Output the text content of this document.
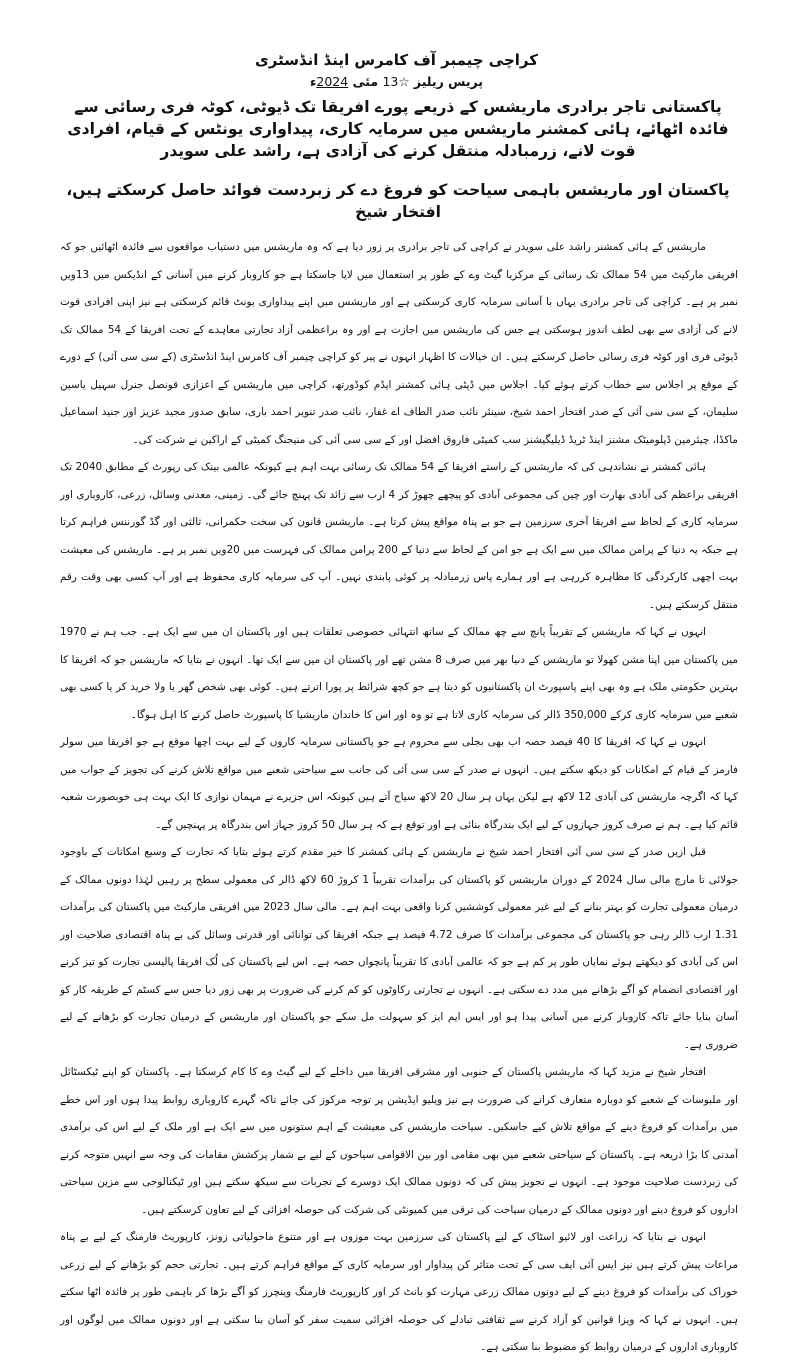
کراچی چیمبر آف کامرس اینڈ انڈسٹری
پریس ریلیز ☆13 مئی 2024ء
پاکستانی تاجر برادری ماریشس کے ذریعے پورے افریقا تک ڈیوٹی، کوٹہ فری رسائی سے فائدہ اٹھائے، ہائی کمشنر ماریشس میں سرمایہ کاری، پیداواری یونٹس کے قیام، افرادی قوت لانے، زرمبادلہ منتقل کرنے کی آزادی ہے، راشد علی سویدر
پاکستان اور ماریشس باہمی سیاحت کو فروغ دے کر زبردست فوائد حاصل کرسکتے ہیں، افتخار شیخ

ماریشس کے ہائی کمشنر راشد علی سویدر نے کراچی کی تاجر برادری پر زور دیا ہے کہ وہ ماریشس میں دستیاب مواقعوں سے فائدہ اٹھائیں جو کہ افریقی مارکیٹ میں 54 ممالک تک رسائی کے مرکزیا گیٹ وے کے طور پر استعمال میں لایا جاسکتا ہے جو کاروبار کرنے میں آسانی کے انڈیکس میں 13ویں نمبر پر ہے۔ کراچی کی تاجر برادری یہاں با آسانی سرمایہ کاری کرسکتی ہے اور ماریشس میں اپنے پیداواری یونٹ قائم کرسکتی ہے نیز اپنی افرادی قوت لانے کی آزادی سے بھی لطف اندوز ہوسکتی ہے جس کی ماریشس میں اجازت ہے اور وہ براعظمی آزاد تجارتی معاہدے کے تحت افریقا کے 54 ممالک تک ڈیوٹی فری اور کوٹہ فری رسائی حاصل کرسکتے ہیں۔ ان خیالات کا اظہار انہوں نے پیر کو کراچی چیمبر آف کامرس اینڈ انڈسٹری (کے سی سی آئی) کے دورے کے موقع پر اجلاس سے خطاب کرتے ہوئے کیا۔ اجلاس میں ڈپٹی ہائی کمشنر ایڈم کوڈورتھ، کراچی میں ماریشس کے اعزازی قونصل جنرل سہیل یاسین سلیمان، کے سی سی آئی کے صدر افتخار احمد شیخ، سینئر نائب صدر الطاف اے غفار، نائب صدر تنویر احمد باری، سابق صدور مجید عزیز اور جنید اسماعیل ماکڈا، چیئرمین ڈپلومیٹک مشنز اینڈ ٹریڈ ڈیلیگیشنز سب کمیٹی فاروق افضل اور کے سی سی آئی کی منیجنگ کمیٹی کے اراکین نے شرکت کی۔

ہائی کمشنر نے نشاندہی کی کہ ماریشس کے راستے افریقا کے 54 ممالک تک رسائی بہت اہم ہے کیونکہ عالمی بینک کی رپورٹ کے مطابق 2040 تک افریقی براعظم کی آبادی بھارت اور چین کی مجموعی آبادی کو پیچھے چھوڑ کر 4 ارب سے زائد تک پہنچ جائے گی۔ زمینی، معدنی وسائل، زرعی، کاروباری اور سرمایہ کاری کے لحاظ سے افریقا آخری سرزمین ہے جو بے پناہ مواقع پیش کرتا ہے۔ ماریشس قانون کی سخت حکمرانی، ثالثی اور گڈ گورننس فراہم کرتا ہے جبکہ یہ دنیا کے پرامن ممالک میں سے ایک ہے جو امن کے لحاظ سے دنیا کے 200 پرامن ممالک کی فہرست میں 20ویں نمبر پر ہے۔ ماریشس کی معیشت بہت اچھی کارکردگی کا مظاہرہ کررہی ہے اور ہمارے پاس زرمبادلہ پر کوئی پابندی نہیں۔ آپ کی سرمایہ کاری محفوظ ہے اور آپ کسی بھی وقت رقم منتقل کرسکتے ہیں۔

انہوں نے کہا کہ ماریشس کے تقریباً پانچ سے چھ ممالک کے ساتھ انتہائی خصوصی تعلقات ہیں اور پاکستان ان میں سے ایک ہے۔ جب ہم نے 1970 میں پاکستان میں اپنا مشن کھولا تو ماریشس کے دنیا بھر میں صرف 8 مشن تھے اور پاکستان ان میں سے ایک تھا۔ انہوں نے بتایا کہ ماریشس جو کہ افریقا کا بہترین حکومتی ملک ہے وہ بھی اپنے پاسپورٹ ان پاکستانیوں کو دیتا ہے جو کچھ شرائط پر پورا اترتے ہیں۔ کوئی بھی شخص گھر یا ولا خرید کر یا کسی بھی شعبے میں سرمایہ کاری کرکے 350,000 ڈالر کی سرمایہ کاری لاتا ہے تو وہ اور اس کا خاندان ماریشیا کا پاسپورٹ حاصل کرنے کا اہل ہوگا۔

انہوں نے کہا کہ افریقا کا 40 فیصد حصہ اب بھی بجلی سے محروم ہے جو پاکستانی سرمایہ کاروں کے لیے بہت اچھا موقع ہے جو افریقا میں سولر فارمز کے قیام کے امکانات کو دیکھ سکتے ہیں۔ انہوں نے صدر کے سی سی آئی کی جانب سے سیاحتی شعبے میں مواقع تلاش کرنے کی تجویز کے جواب میں کہا کہ اگرچہ ماریشس کی آبادی 12 لاکھ ہے لیکن یہاں ہر سال 20 لاکھ سیاح آتے ہیں کیونکہ اس جزیرے نے مہمان نوازی کا ایک بہت ہی خوبصورت شعبہ قائم کیا ہے۔ ہم نے صرف کروز جہازوں کے لیے ایک بندرگاہ بنائی ہے اور توقع ہے کہ ہر سال 50 کروز جہاز اس بندرگاہ پر پہنچیں گے۔

قبل ازیں صدر کے سی سی آئی افتخار احمد شیخ نے ماریشس کے ہائی کمشنر کا خیر مقدم کرتے ہوئے بتایا کہ تجارت کے وسیع امکانات کے باوجود جولائی تا مارچ مالی سال 2024 کے دوران ماریشس کو پاکستان کی برآمدات تقریباً 1 کروڑ 60 لاکھ ڈالر کی معمولی سطح پر رہیں لہٰذا دونوں ممالک کے درمیان معمولی تجارت کو بہتر بنانے کے لیے غیر معمولی کوششیں کرنا واقعی بہت اہم ہے۔ مالی سال 2023 میں افریقی مارکیٹ میں پاکستان کی برآمدات 1.31 ارب ڈالر رہی جو پاکستان کی مجموعی برآمدات کا صرف 4.72 فیصد ہے جبکہ افریقا کی توانائی اور قدرتی وسائل کی بے پناہ اقتصادی صلاحیت اور اس کی آبادی کو دیکھتے ہوئے نمایاں طور پر کم ہے جو کہ عالمی آبادی کا تقریباً پانچواں حصہ ہے۔ اس لیے پاکستان کی لُک افریقا پالیسی تجارت کو تیز کرنے اور اقتصادی انضمام کو آگے بڑھانے میں مدد دے سکتی ہے۔ انہوں نے تجارتی رکاوٹوں کو کم کرنے کی ضرورت پر بھی زور دیا جس سے کسٹم کے طریقہ کار کو آسان بنایا جائے تاکہ کاروبار کرنے میں آسانی پیدا ہو اور ایس ایم ایز کو سہولت مل سکے جو پاکستان اور ماریشس کے درمیان تجارت کو بڑھانے کے لیے ضروری ہے۔

افتخار شیخ نے مزید کہا کہ ماریشس پاکستان کے جنوبی اور مشرقی افریقا میں داخلے کے لیے گیٹ وے کا کام کرسکتا ہے۔ پاکستان کو اپنے ٹیکسٹائل اور ملبوسات کے شعبے کو دوبارہ متعارف کرانے کی ضرورت ہے نیز ویلیو ایڈیشن پر توجہ مرکوز کی جائے تاکہ گہرے کاروباری روابط پیدا ہوں اور اس خطے میں برآمدات کو فروغ دینے کے مواقع تلاش کیے جاسکیں۔ سیاحت ماریشس کی معیشت کے اہم ستونوں میں سے ایک ہے اور ملک کے لیے اس کی برآمدی آمدنی کا بڑا ذریعہ ہے۔ پاکستان کے سیاحتی شعبے میں بھی مقامی اور بین الاقوامی سیاحوں کے لیے بے شمار پرکشش مقامات کی وجہ سے انہیں متوجہ کرنے کی زبردست صلاحیت موجود ہے۔ انہوں نے تجویز پیش کی کہ دونوں ممالک ایک دوسرے کے تجربات سے سیکھ سکتے ہیں اور ٹیکنالوجی سے مزین سیاحتی اداروں کو فروغ دینے اور دونوں ممالک کے درمیان سیاحت کی ترقی میں کمیونٹی کی شرکت کی حوصلہ افزائی کے لیے تعاون کرسکتے ہیں۔

انہوں نے بتایا کہ زراعت اور لائیو اسٹاک کے لیے پاکستان کی سرزمین بہت موزوں ہے اور متنوع ماحولیاتی زونز، کارپوریٹ فارمنگ کے لیے بے پناہ مراعات پیش کرتے ہیں نیز ایس آئی ایف سی کے تحت متاثر کن پیداوار اور سرمایہ کاری کے مواقع فراہم کرتے ہیں۔ تجارتی حجم کو بڑھانے کے لیے زرعی خوراک کی برآمدات کو فروغ دینے کے لیے دونوں ممالک زرعی مہارت کو بانٹ کر اور کارپوریٹ فارمنگ وینچرز کو آگے بڑھا کر باہمی طور پر فائدہ اٹھا سکتے ہیں۔ انہوں نے کہا کہ ویزا قوانین کو آزاد کرنے سے ثقافتی تبادلے کی حوصلہ افزائی سمیت سفر کو آسان بنا سکتی ہے اور دونوں ممالک میں لوگوں اور کاروباری اداروں کے درمیان روابط کو مضبوط بنا سکتی ہے۔
